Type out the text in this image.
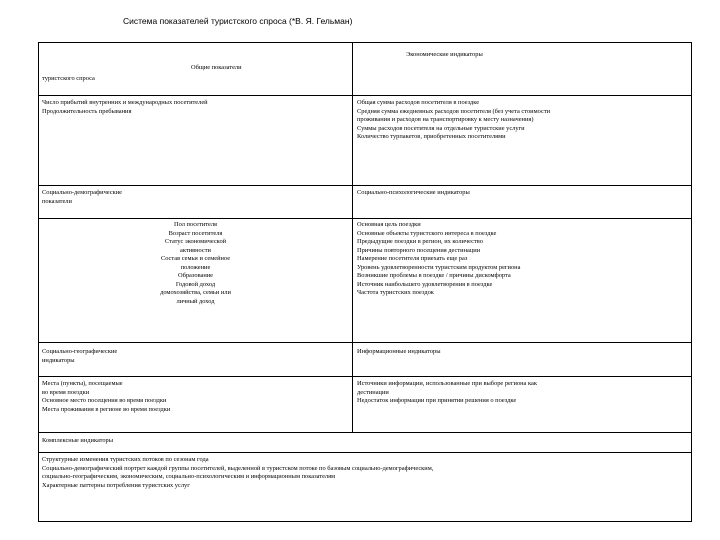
Система показателей туристского спроса (*В. Я. Гельман)
Общие показатели
туристского спроса
Экономические индикаторы
Число прибытий внутренних и международных посетителей
Продолжительность пребывания
Общая сумма расходов посетителя в поездке
Средняя сумма ежедневных расходов посетителя (без учета стоимости
проживания и расходов на транспортировку к месту назначения)
Суммы расходов посетителя на отдельные туристские услуги
Количество турпакетов, приобретенных посетителями
Социально-демографические
показатели
Социально-психологические индикаторы
Пол посетителя
Возраст посетителя
Статус экономической
активности
Состав семьи и семейное
положение
Образование
Годовой доход
домохозяйства, семьи или
личный доход
Основная цель поездки
Основные объекты туристского интереса в поездке
Предыдущие поездки в регион, их количество
Причины повторного посещения дестинации
Намерение посетителя приехать еще раз
Уровень удовлетворенности туристским продуктом региона
Возникшие проблемы в поездке / причины дискомфорта
Источник наибольшего удовлетворения в поездке
Частота туристских поездок
Социально-географические
индикаторы
Информационные индикаторы
Места (пункты), посещаемые
во время поездки
Основное место посещения во время поездки
Места проживания в регионе во время поездки
Источники информации, использованные при выборе региона как
дестинации
Недостаток информации при принятии решения о поездке
Комплексные индикаторы
Структурные изменения туристских потоков по сезонам года
Социально-демографический портрет каждой группы посетителей, выделенной в туристском потоке по базовым социально-демографическим,
социально-географическим, экономическим, социально-психологическим и информационным показателям
Характерные паттерны потребления туристских услуг
